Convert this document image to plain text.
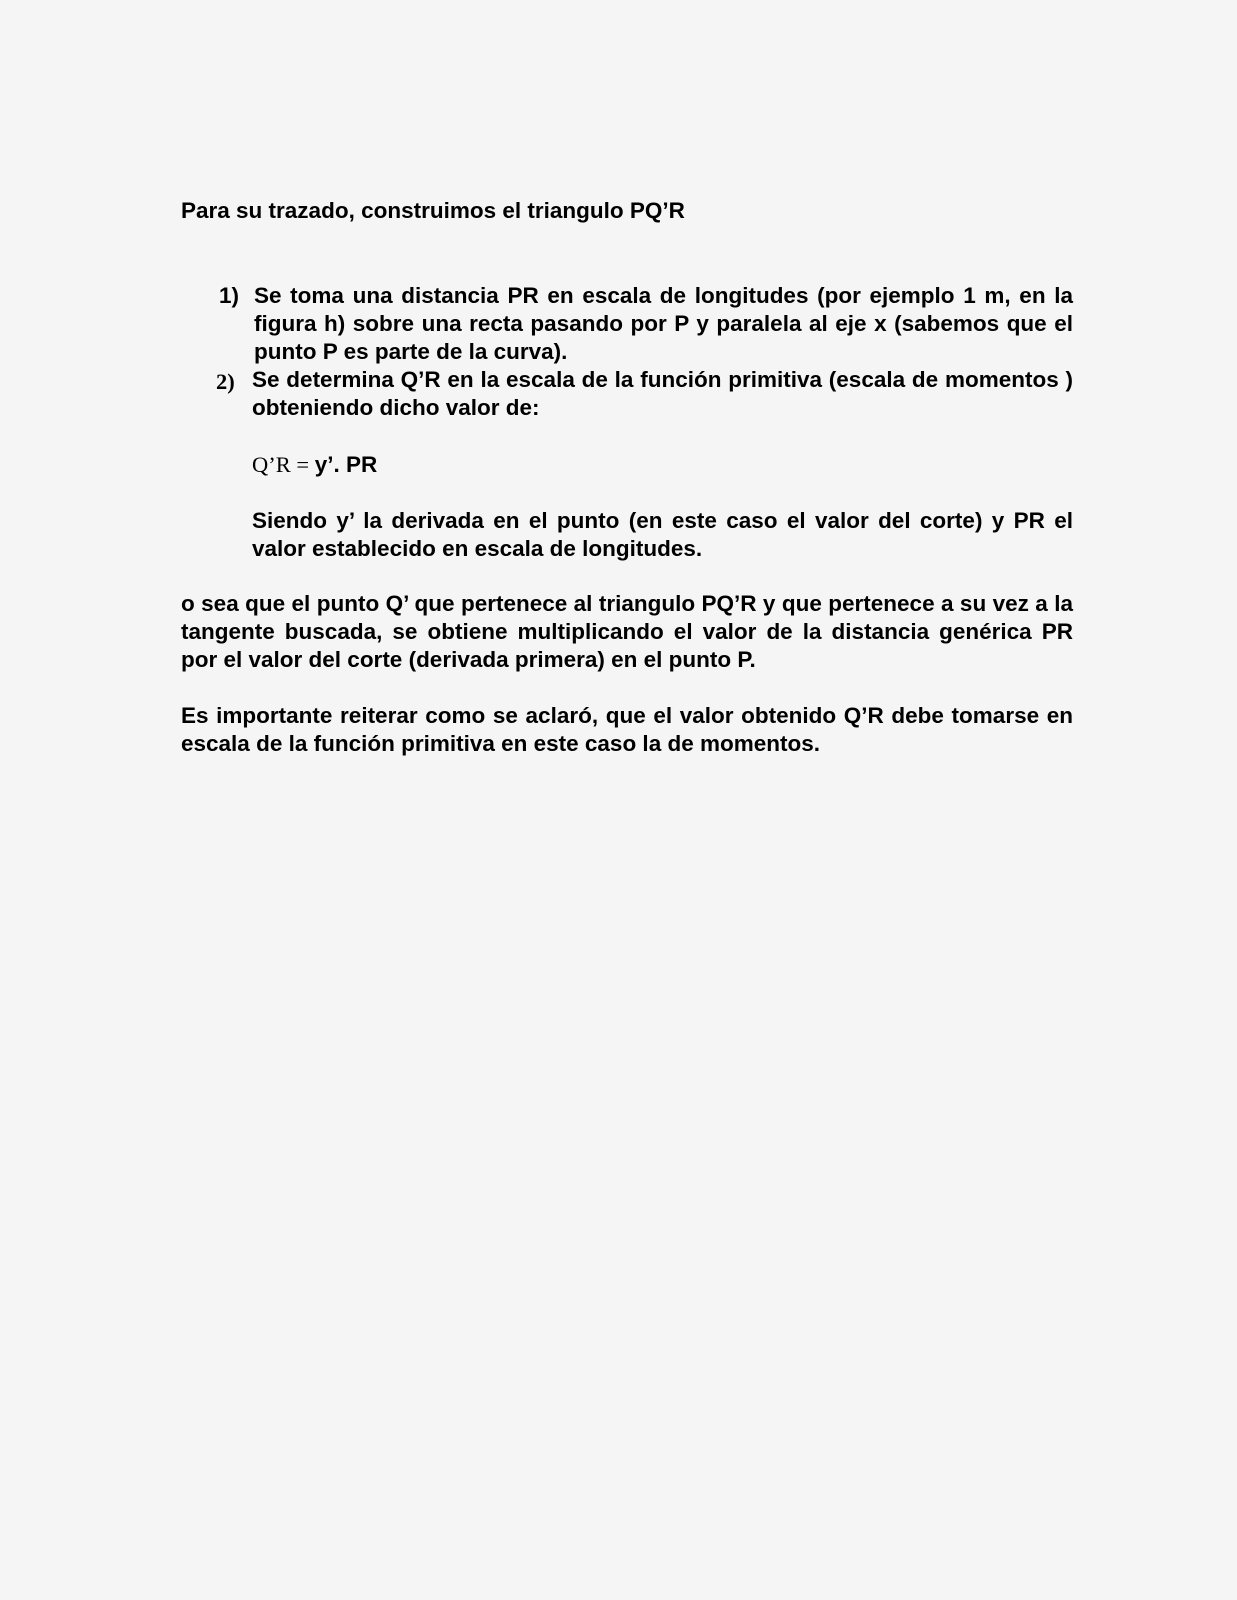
Para su trazado, construimos el triangulo PQ’R

1) Se toma una distancia PR en escala de longitudes (por ejemplo 1 m, en la figura h) sobre una recta pasando por P y paralela al eje x (sabemos que el punto P es parte de la curva).

2) Se determina Q’R en la escala de la función primitiva (escala de momentos ) obteniendo dicho valor de:

Q’R = y’. PR

Siendo y’ la derivada en el punto (en este caso el valor del corte) y PR el valor establecido en escala de longitudes.

o sea que el punto Q’ que pertenece al triangulo PQ’R y que pertenece a su vez a la tangente buscada, se obtiene multiplicando el valor de la distancia genérica PR por el valor del corte (derivada primera) en el punto P.

Es importante reiterar como se aclaró, que el valor obtenido Q’R debe tomarse en escala de la función primitiva en este caso la de momentos.
